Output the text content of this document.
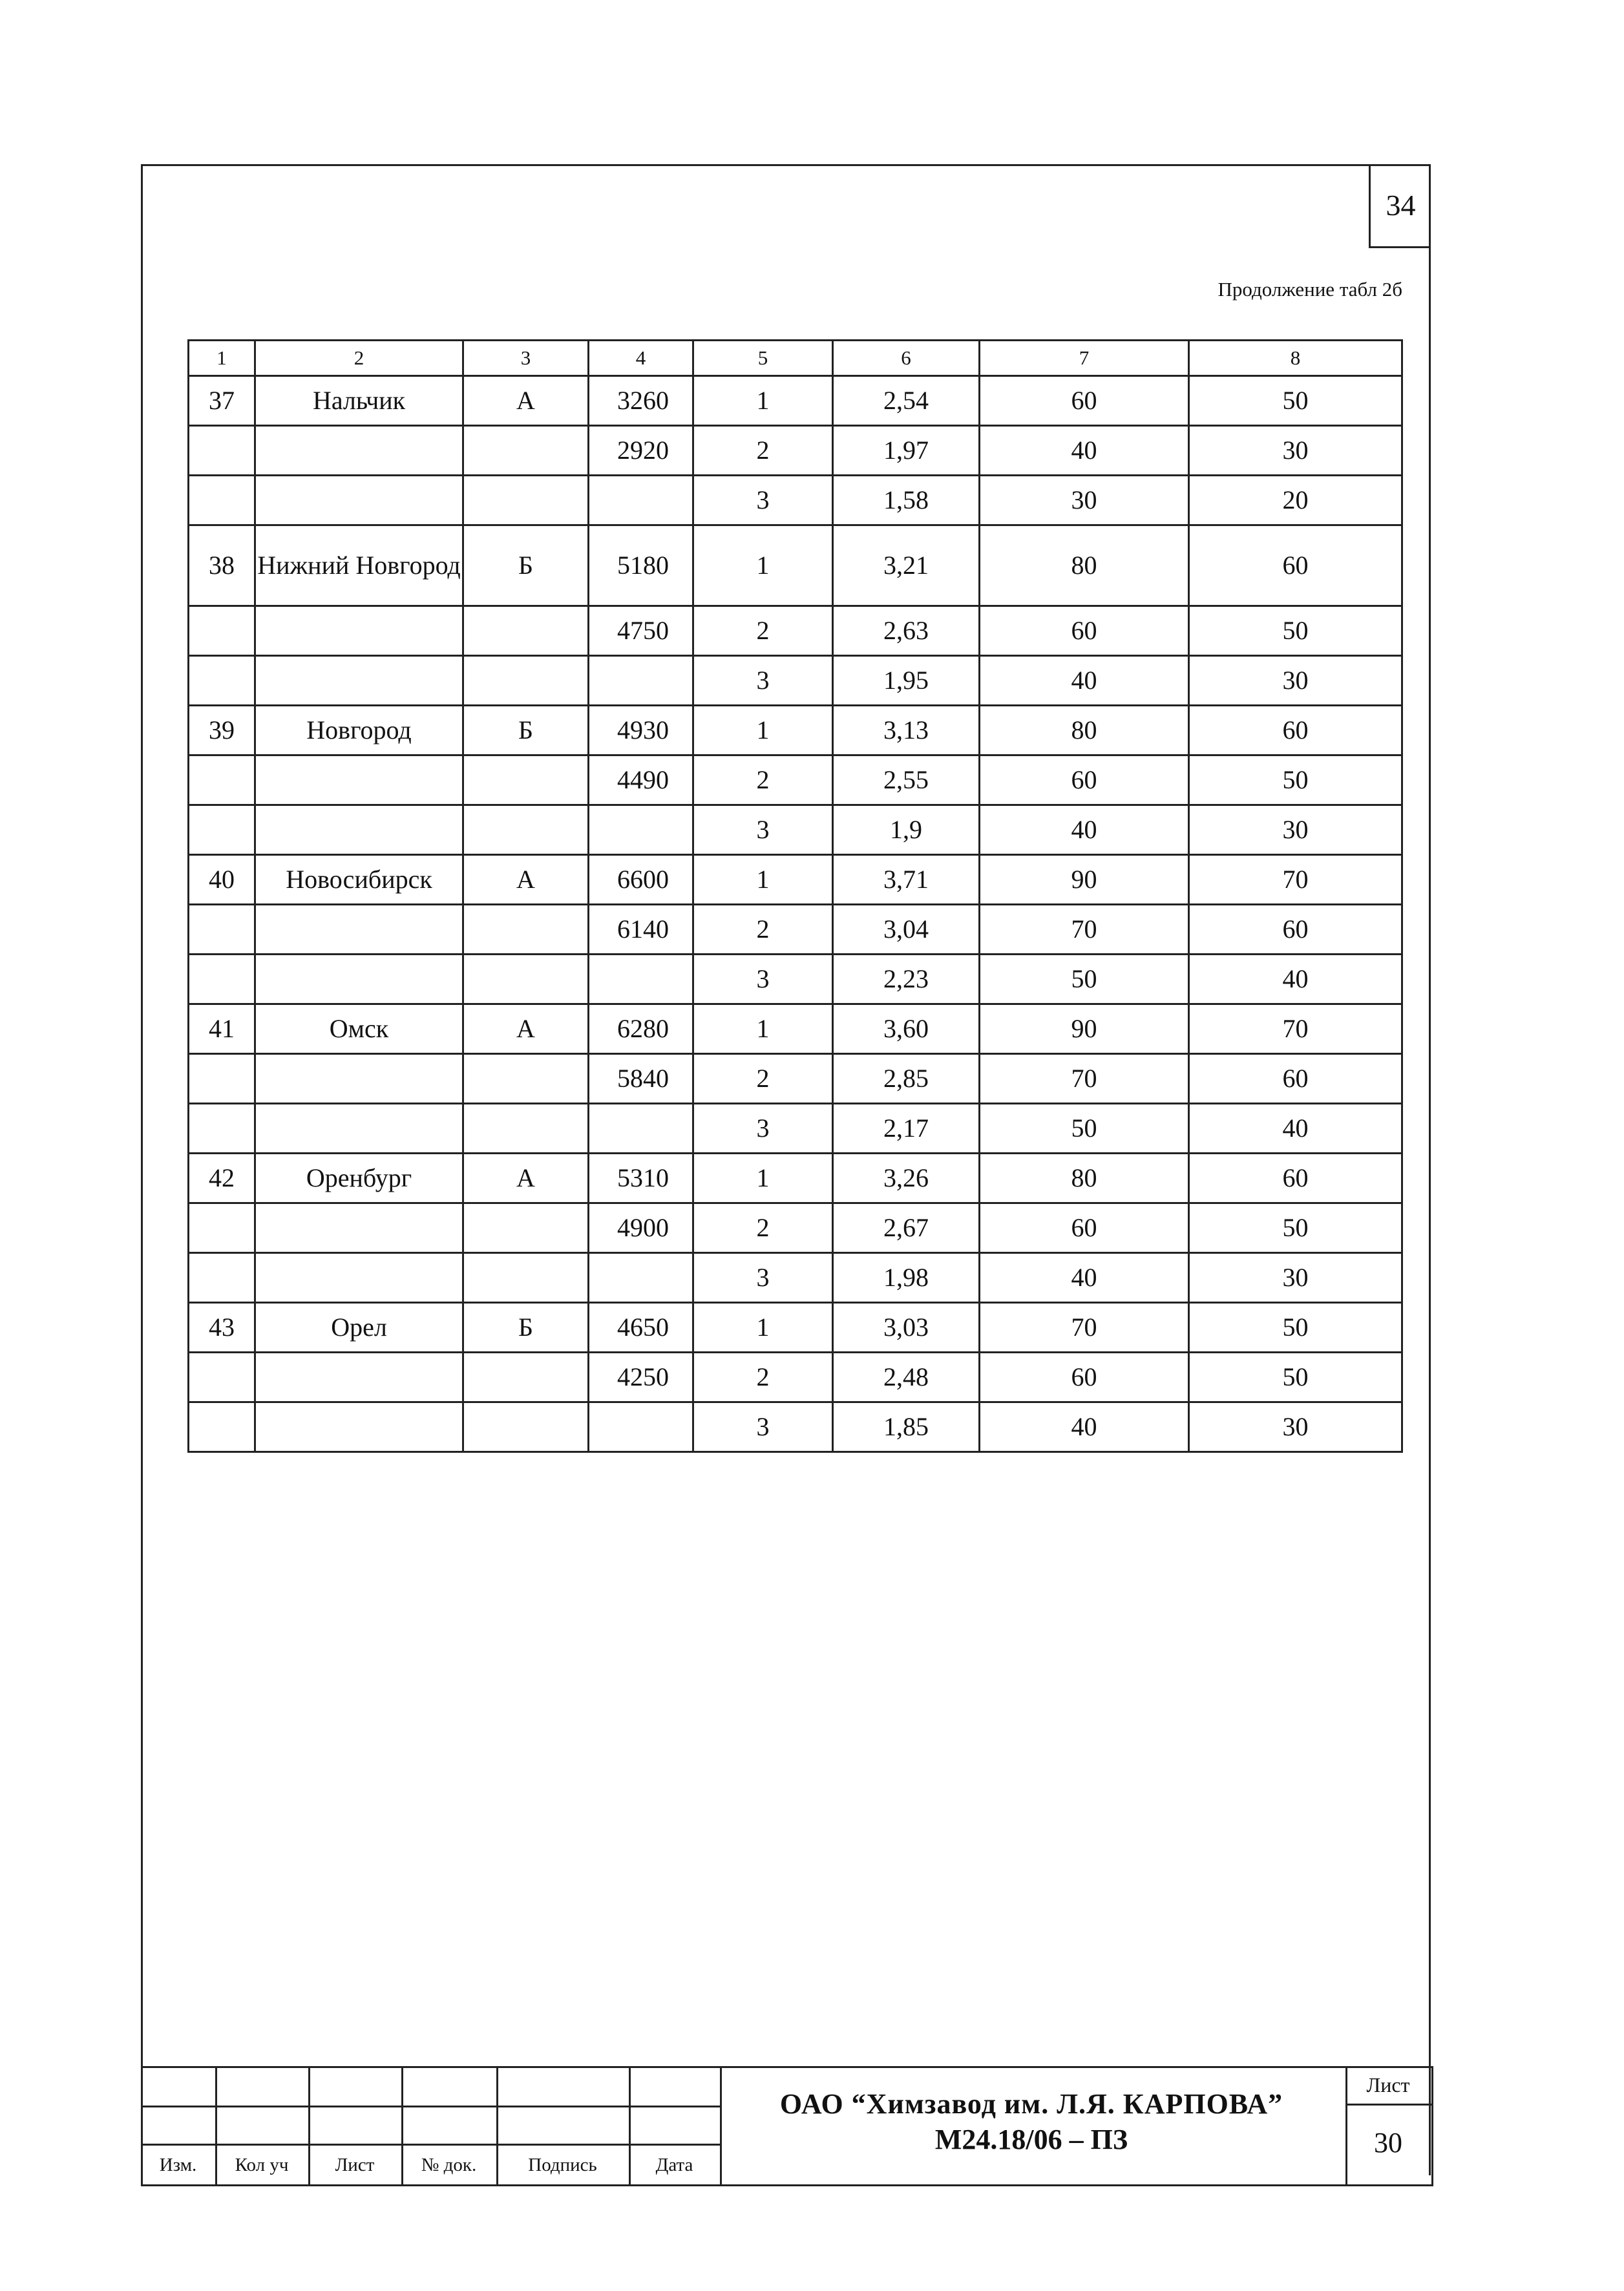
34
Продолжение табл 2б
1	2	3	4	5	6	7	8
37	Нальчик	А	3260	1	2,54	60	50
			2920	2	1,97	40	30
				3	1,58	30	20
38	Нижний Новгород	Б	5180	1	3,21	80	60
			4750	2	2,63	60	50
				3	1,95	40	30
39	Новгород	Б	4930	1	3,13	80	60
			4490	2	2,55	60	50
				3	1,9	40	30
40	Новосибирск	А	6600	1	3,71	90	70
			6140	2	3,04	70	60
				3	2,23	50	40
41	Омск	А	6280	1	3,60	90	70
			5840	2	2,85	70	60
				3	2,17	50	40
42	Оренбург	А	5310	1	3,26	80	60
			4900	2	2,67	60	50
				3	1,98	40	30
43	Орел	Б	4650	1	3,03	70	50
			4250	2	2,48	60	50
				3	1,85	40	30
Изм.	Кол уч	Лист	№ док.	Подпись	Дата
ОАО “Химзавод им. Л.Я. КАРПОВА”
М24.18/06 – ПЗ
Лист
30
